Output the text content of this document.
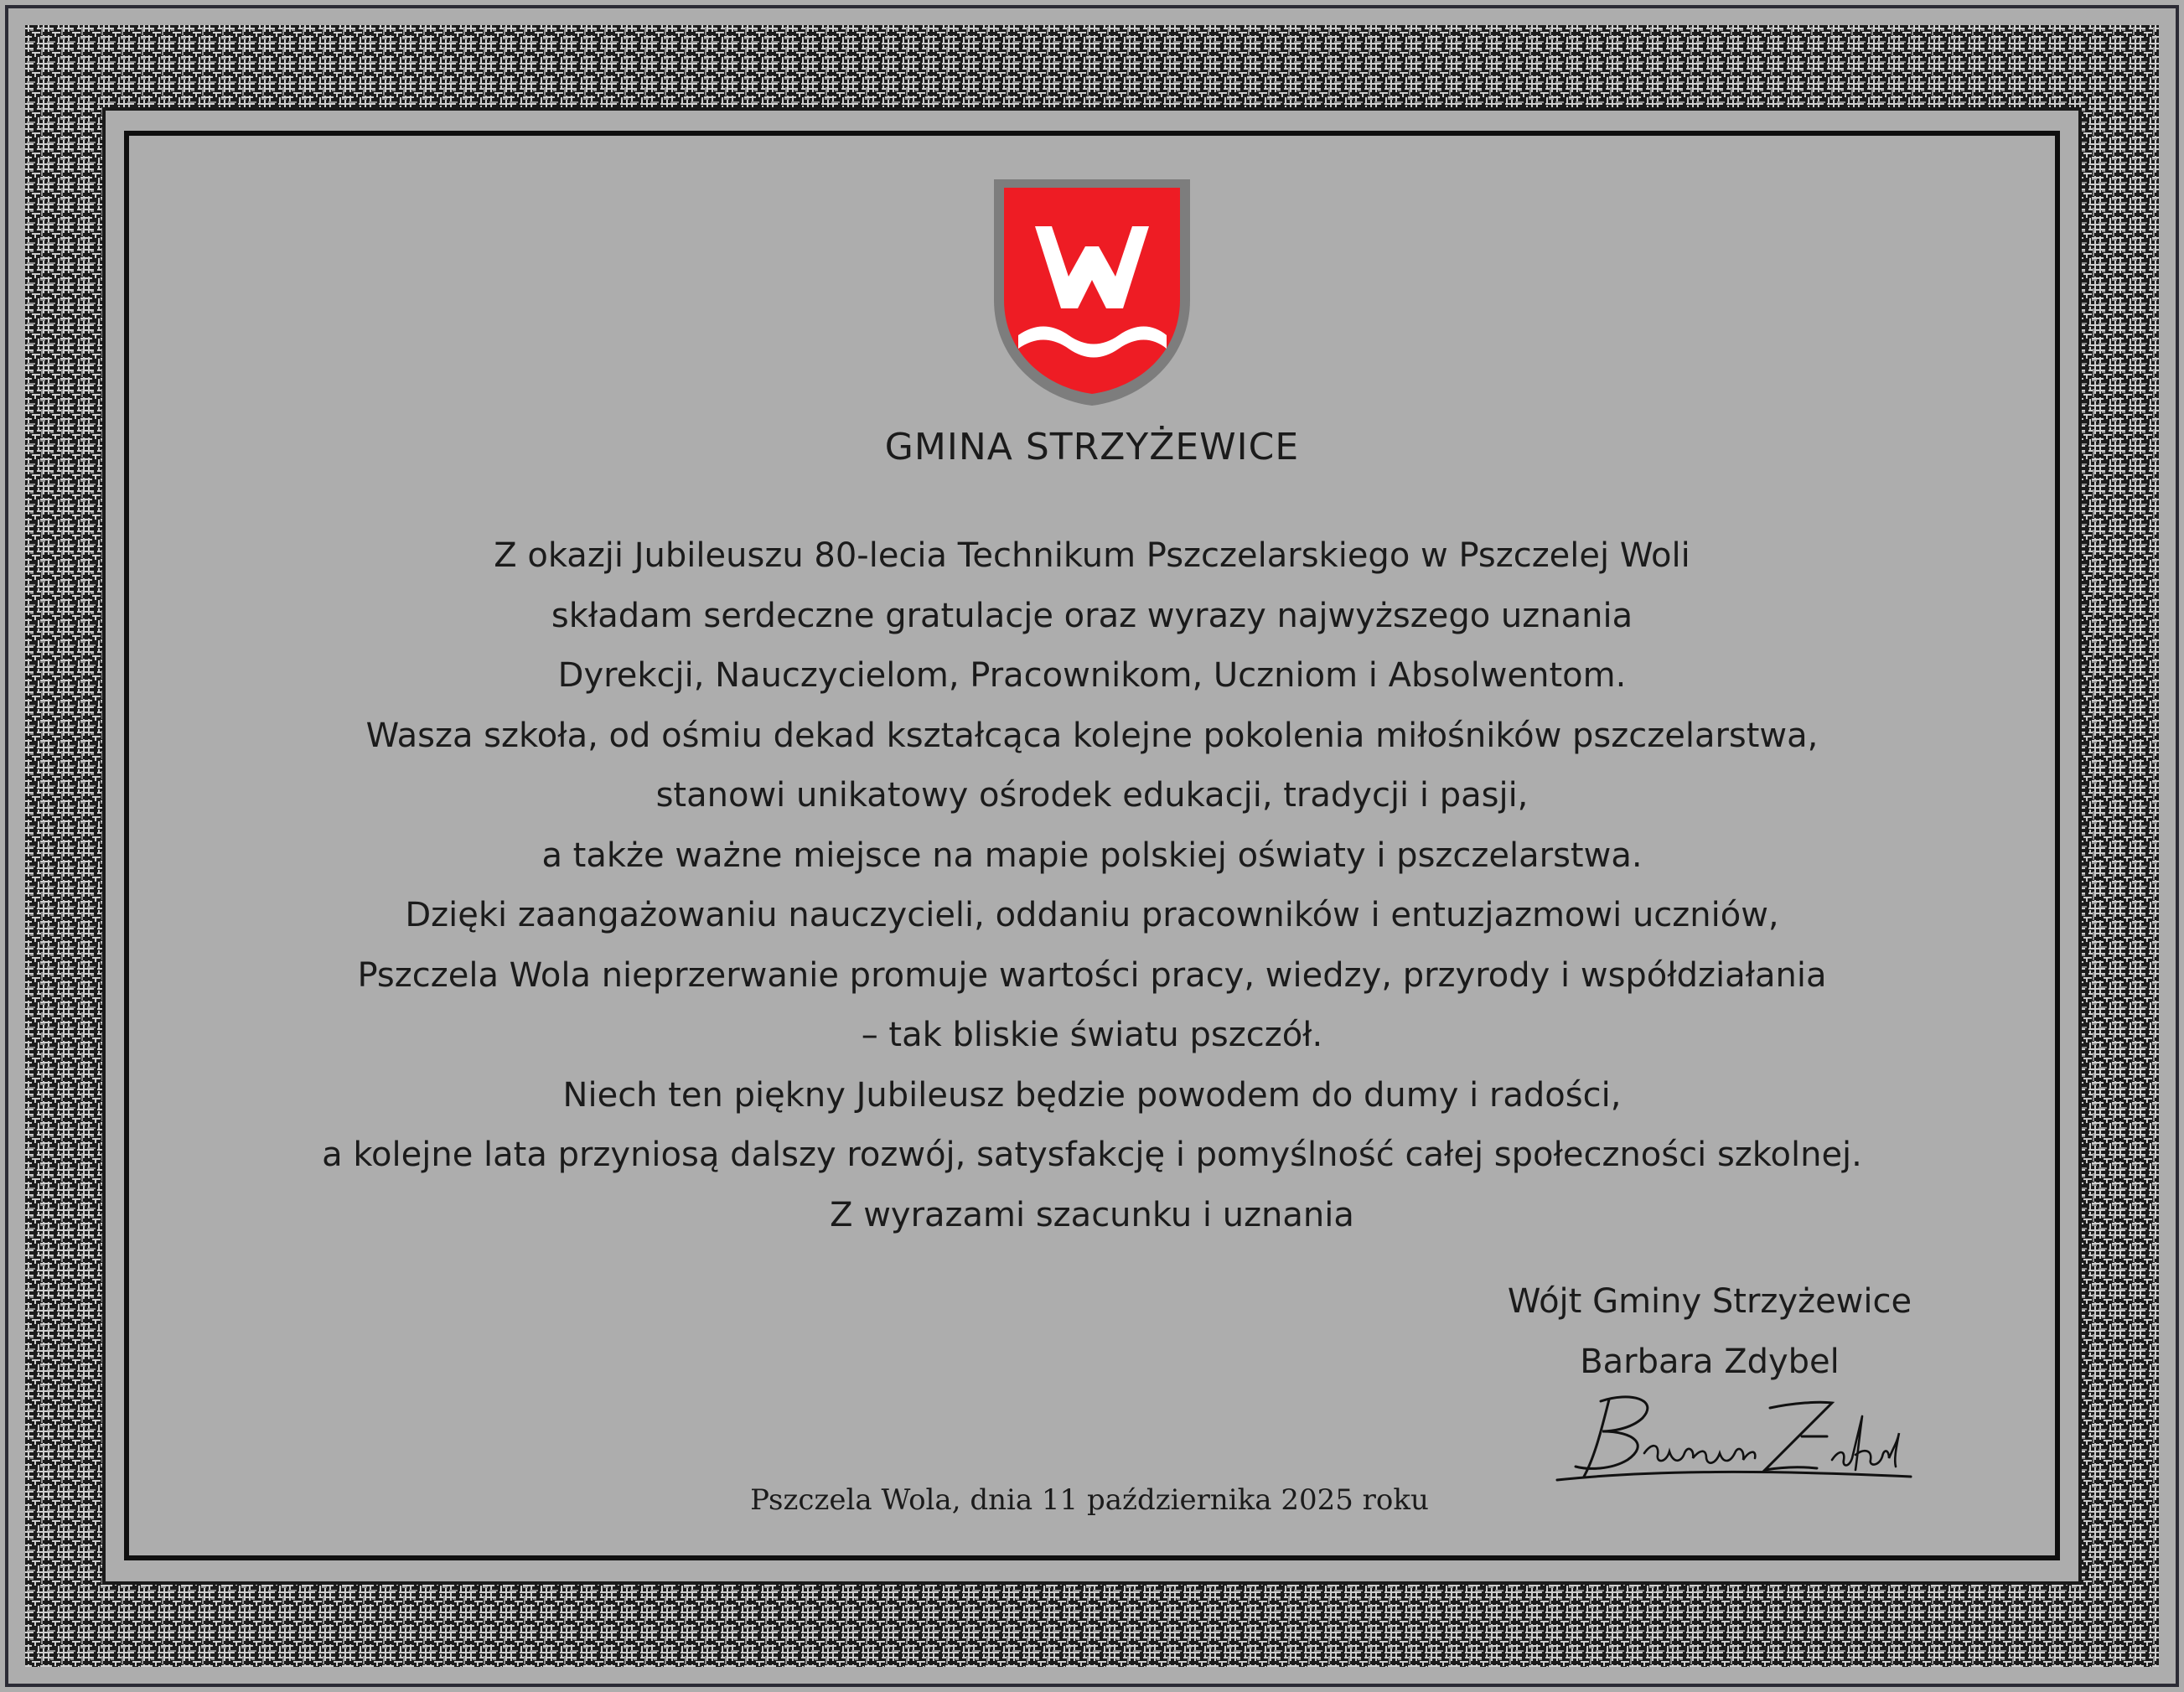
GMINA STRZYŻEWICE
Z okazji Jubileuszu 80-lecia Technikum Pszczelarskiego w Pszczelej Woli
składam serdeczne gratulacje oraz wyrazy najwyższego uznania
Dyrekcji, Nauczycielom, Pracownikom, Uczniom i Absolwentom.
Wasza szkoła, od ośmiu dekad kształcąca kolejne pokolenia miłośników pszczelarstwa,
stanowi unikatowy ośrodek edukacji, tradycji i pasji,
a także ważne miejsce na mapie polskiej oświaty i pszczelarstwa.
Dzięki zaangażowaniu nauczycieli, oddaniu pracowników i entuzjazmowi uczniów,
Pszczela Wola nieprzerwanie promuje wartości pracy, wiedzy, przyrody i współdziałania
– tak bliskie światu pszczół.
Niech ten piękny Jubileusz będzie powodem do dumy i radości,
a kolejne lata przyniosą dalszy rozwój, satysfakcję i pomyślność całej społeczności szkolnej.
Z wyrazami szacunku i uznania
Wójt Gminy Strzyżewice
Barbara Zdybel
Pszczela Wola, dnia 11 października 2025 roku
